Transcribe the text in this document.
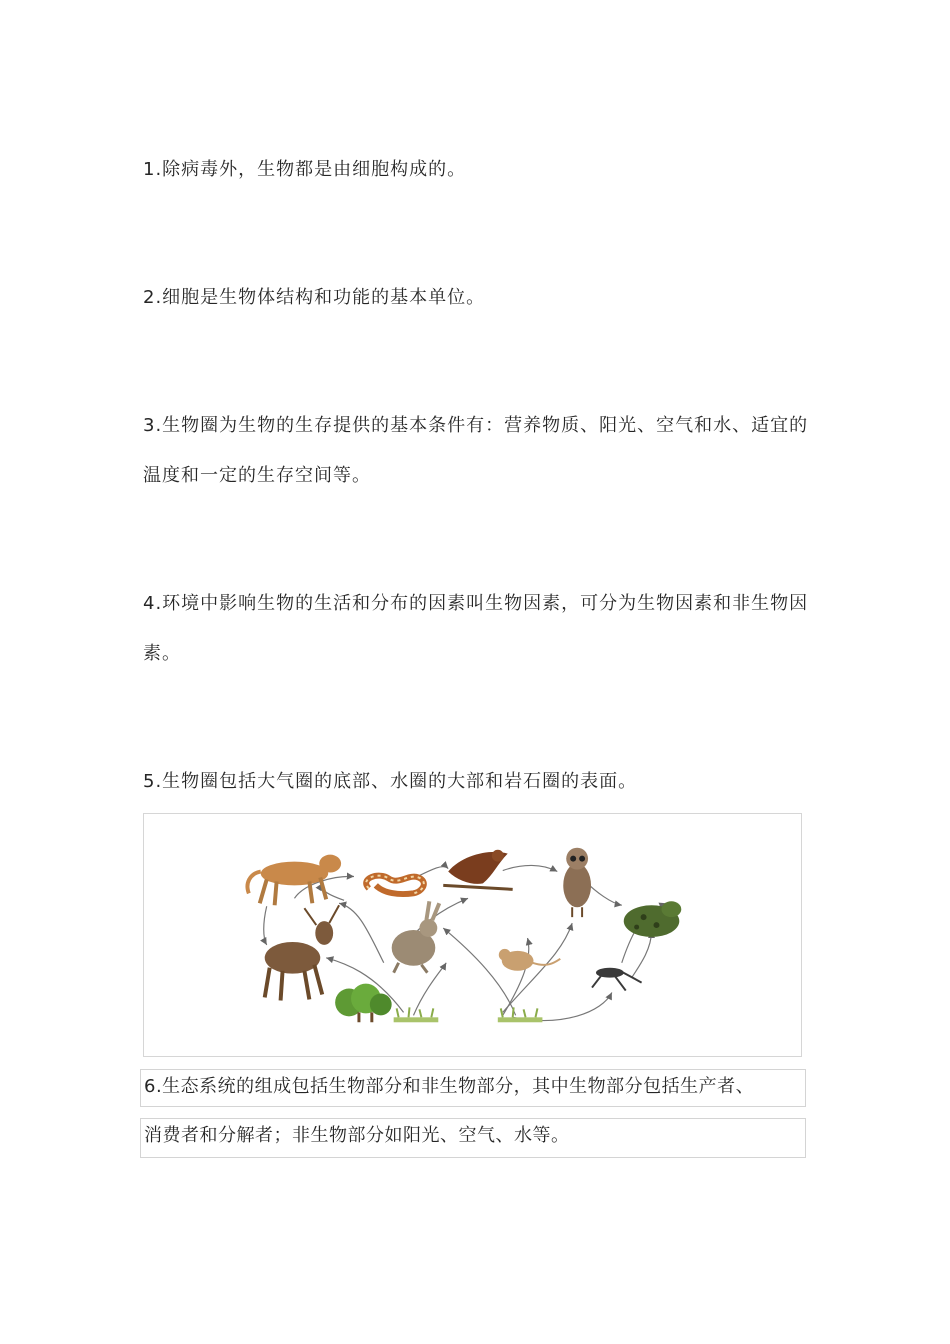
1.除病毒外，生物都是由细胞构成的。

2.细胞是生物体结构和功能的基本单位。

3.生物圈为生物的生存提供的基本条件有：营养物质、阳光、空气和水、适宜的温度和一定的生存空间等。

4.环境中影响生物的生活和分布的因素叫生物因素，可分为生物因素和非生物因素。

5.生物圈包括大气圈的底部、水圈的大部和岩石圈的表面。

6.生态系统的组成包括生物部分和非生物部分，其中生物部分包括生产者、
消费者和分解者；非生物部分如阳光、空气、水等。
